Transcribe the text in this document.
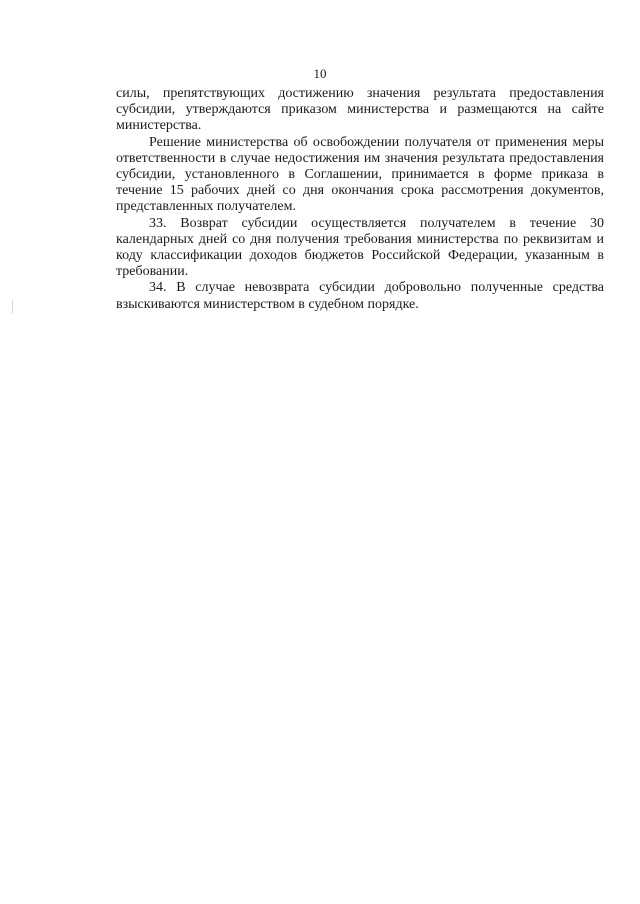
10

силы, препятствующих достижению значения результата предоставления субсидии, утверждаются приказом министерства и размещаются на сайте министерства.

Решение министерства об освобождении получателя от применения меры ответственности в случае недостижения им значения результата предоставления субсидии, установленного в Соглашении, принимается в форме приказа в течение 15 рабочих дней со дня окончания срока рассмотрения документов, представленных получателем.

33. Возврат субсидии осуществляется получателем в течение 30 календарных дней со дня получения требования министерства по реквизитам и коду классификации доходов бюджетов Российской Федерации, указанным в требовании.

34. В случае невозврата субсидии добровольно полученные средства взыскиваются министерством в судебном порядке.
